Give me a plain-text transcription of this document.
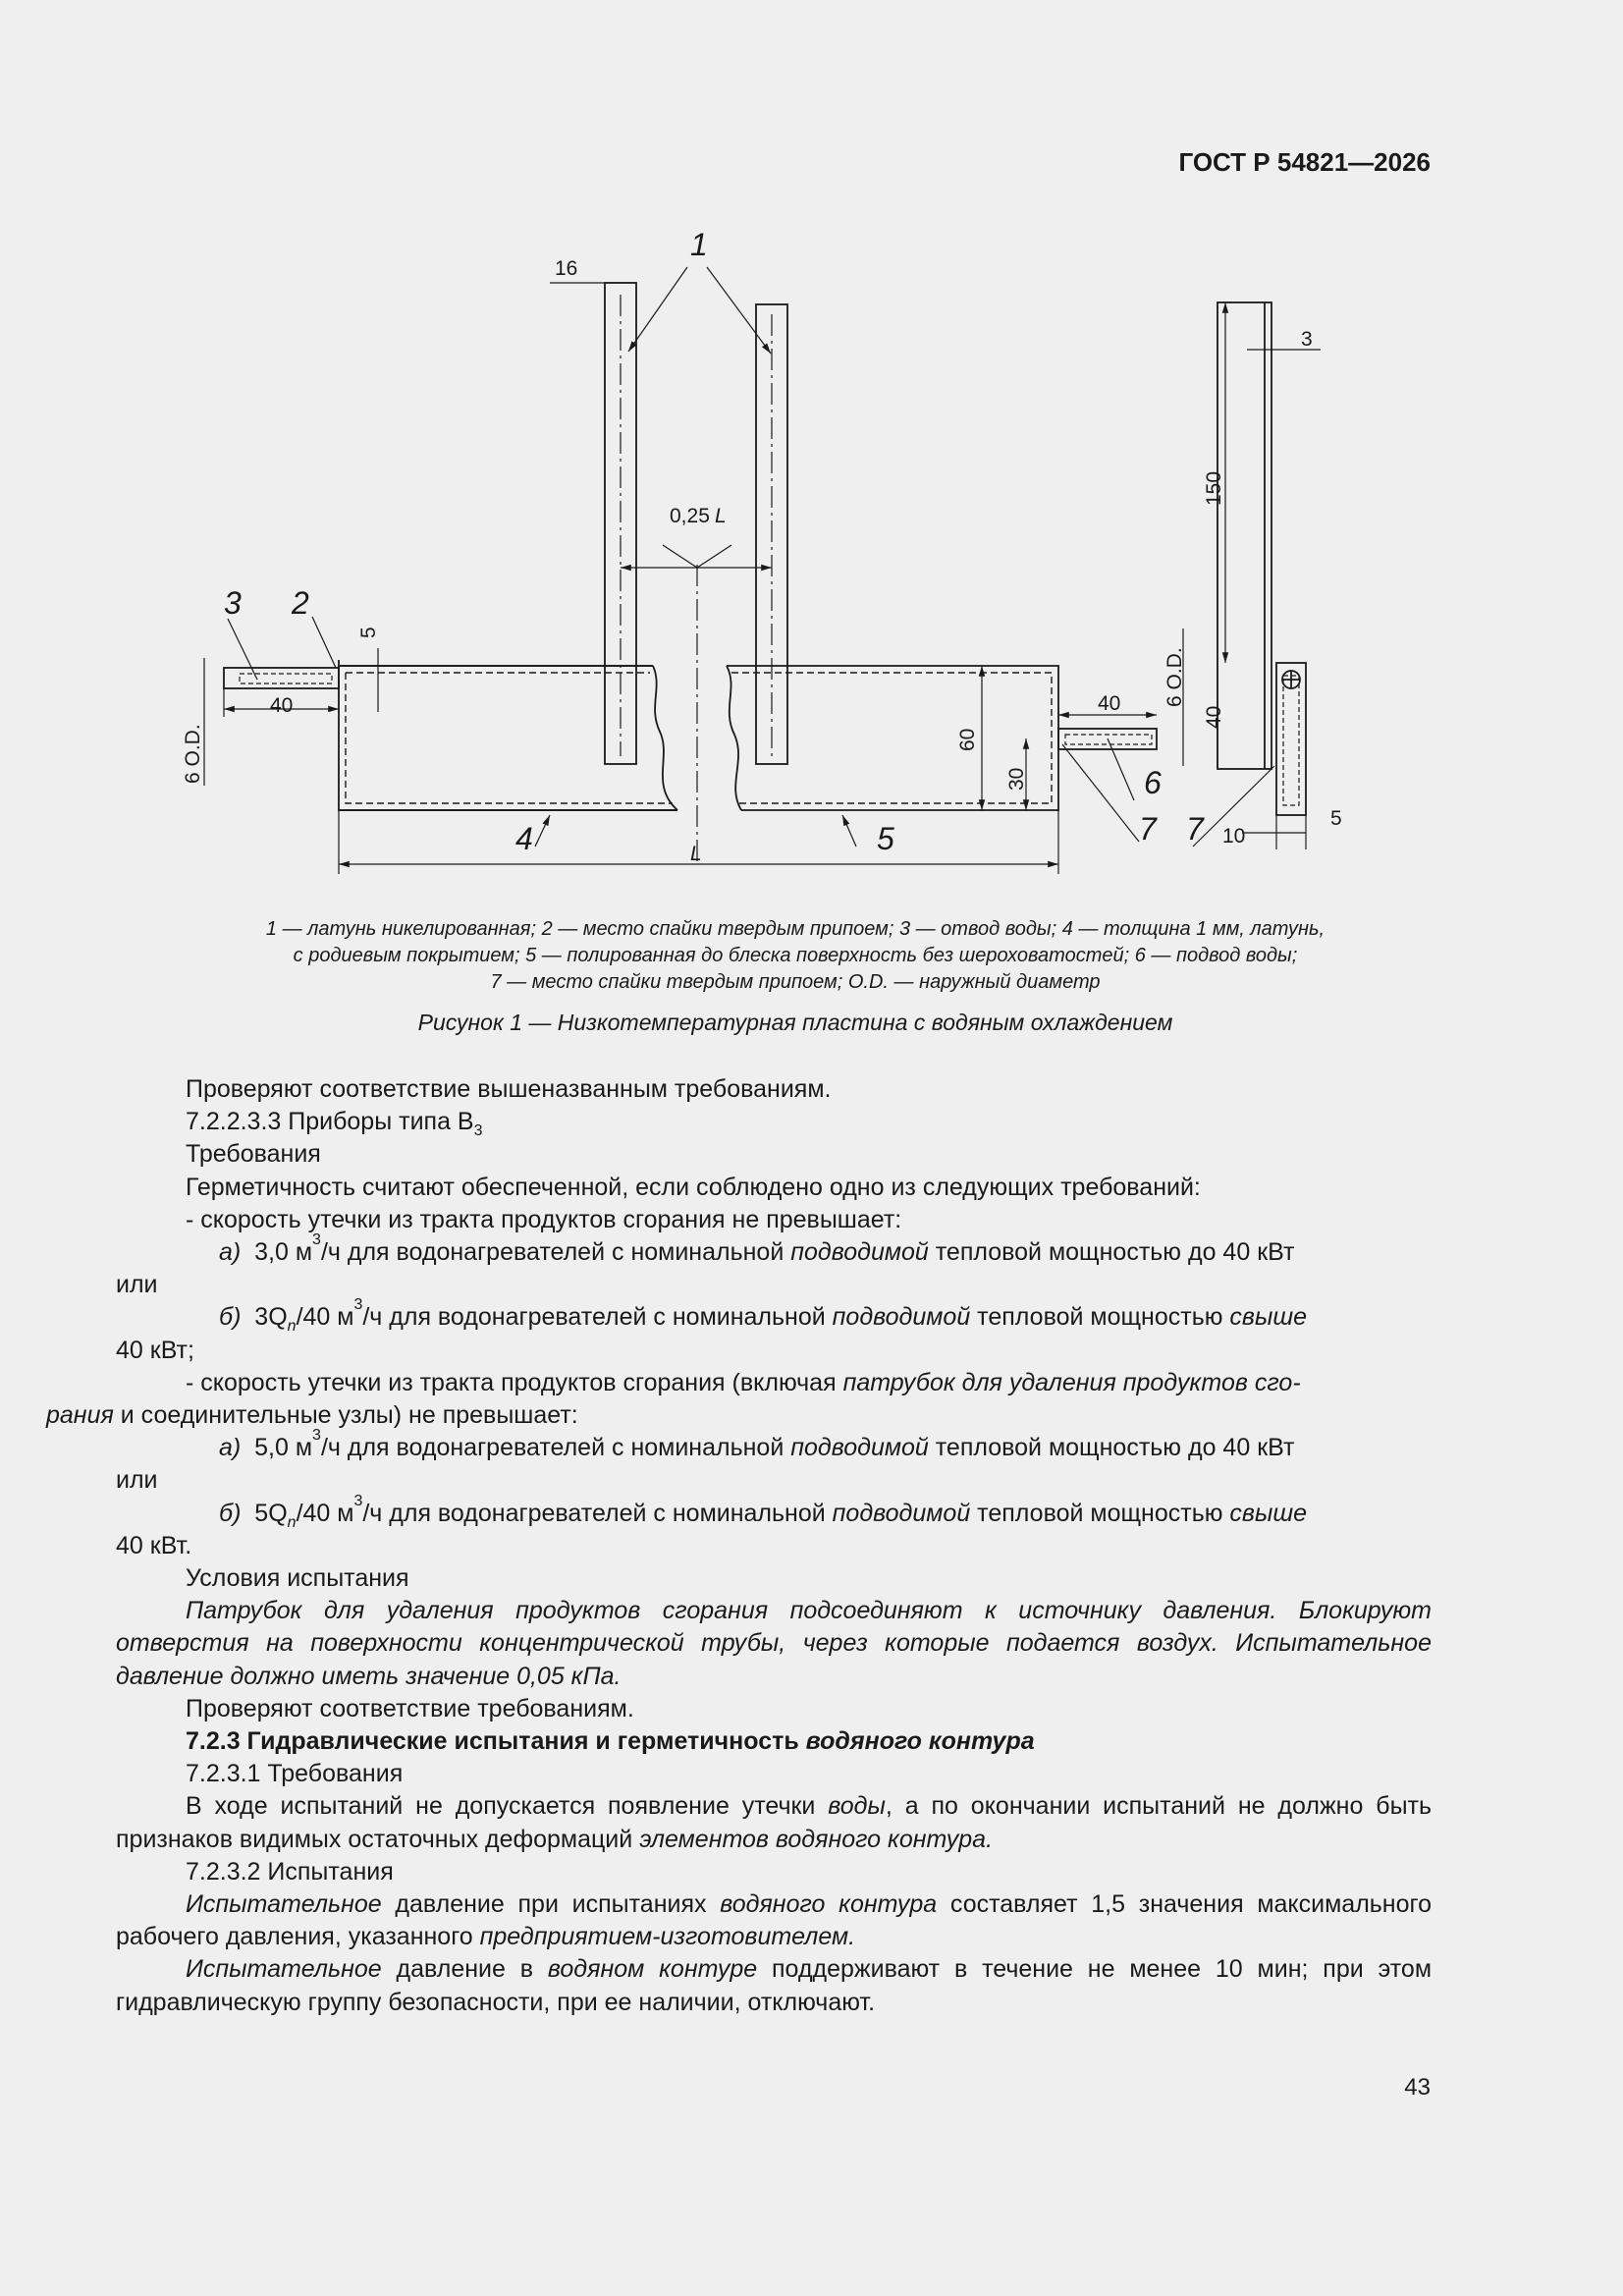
ГОСТ Р 54821—2026
1
2
3
4	5
6
7 7
16
0,25 L
L
40	40
3
10
5
5
6 O.D.	60
30
6 O.D.
150
40
1 — латунь никелированная; 2 — место спайки твердым припоем; 3 — отвод воды; 4 — толщина 1 мм, латунь,
с родиевым покрытием; 5 — полированная до блеска поверхность без шероховатостей; 6 — подвод воды;
7 — место спайки твердым припоем; O.D. — наружный диаметр
Рисунок 1 — Низкотемпературная пластина с водяным охлаждением

Проверяют соответствие вышеназванным требованиям.

7.2.2.3.3 Приборы типа $В_3$

Требования

Герметичность считают обеспеченной, если соблюдено одно из следующих требований:

- скорость утечки из тракта продуктов сгорания не превышает:

а) 3,0 $м^3/ч$ для водонагревателей с номинальной подводимой тепловой мощностью до 40 кВт

или

б) $3Q_n/40$ $м^3/ч$ для водонагревателей с номинальной подводимой тепловой мощностью свыше

40 кВт;

- скорость утечки из тракта продуктов сгорания (включая патрубок для удаления продуктов сго-
рания и соединительные узлы) не превышает:

а) 5,0 $м^3/ч$ для водонагревателей с номинальной подводимой тепловой мощностью до 40 кВт

или

б) $5Q_n/40$ $м^3/ч$ для водонагревателей с номинальной подводимой тепловой мощностью свыше

40 кВт.

Условия испытания

Патрубок для удаления продуктов сгорания подсоединяют к источнику давления. Блокируют отверстия на поверхности концентрической трубы, через которые подается воздух. Испытательное давление должно иметь значение 0,05 кПа.

Проверяют соответствие требованиям.

7.2.3 Гидравлические испытания и герметичность водяного контура

7.2.3.1 Требования

В ходе испытаний не допускается появление утечки воды, а по окончании испытаний не должно быть признаков видимых остаточных деформаций элементов водяного контура.

7.2.3.2 Испытания

Испытательное давление при испытаниях водяного контура составляет 1,5 значения максимального рабочего давления, указанного предприятием-изготовителем.

Испытательное давление в водяном контуре поддерживают в течение не менее 10 мин; при этом гидравлическую группу безопасности, при ее наличии, отключают.

43
